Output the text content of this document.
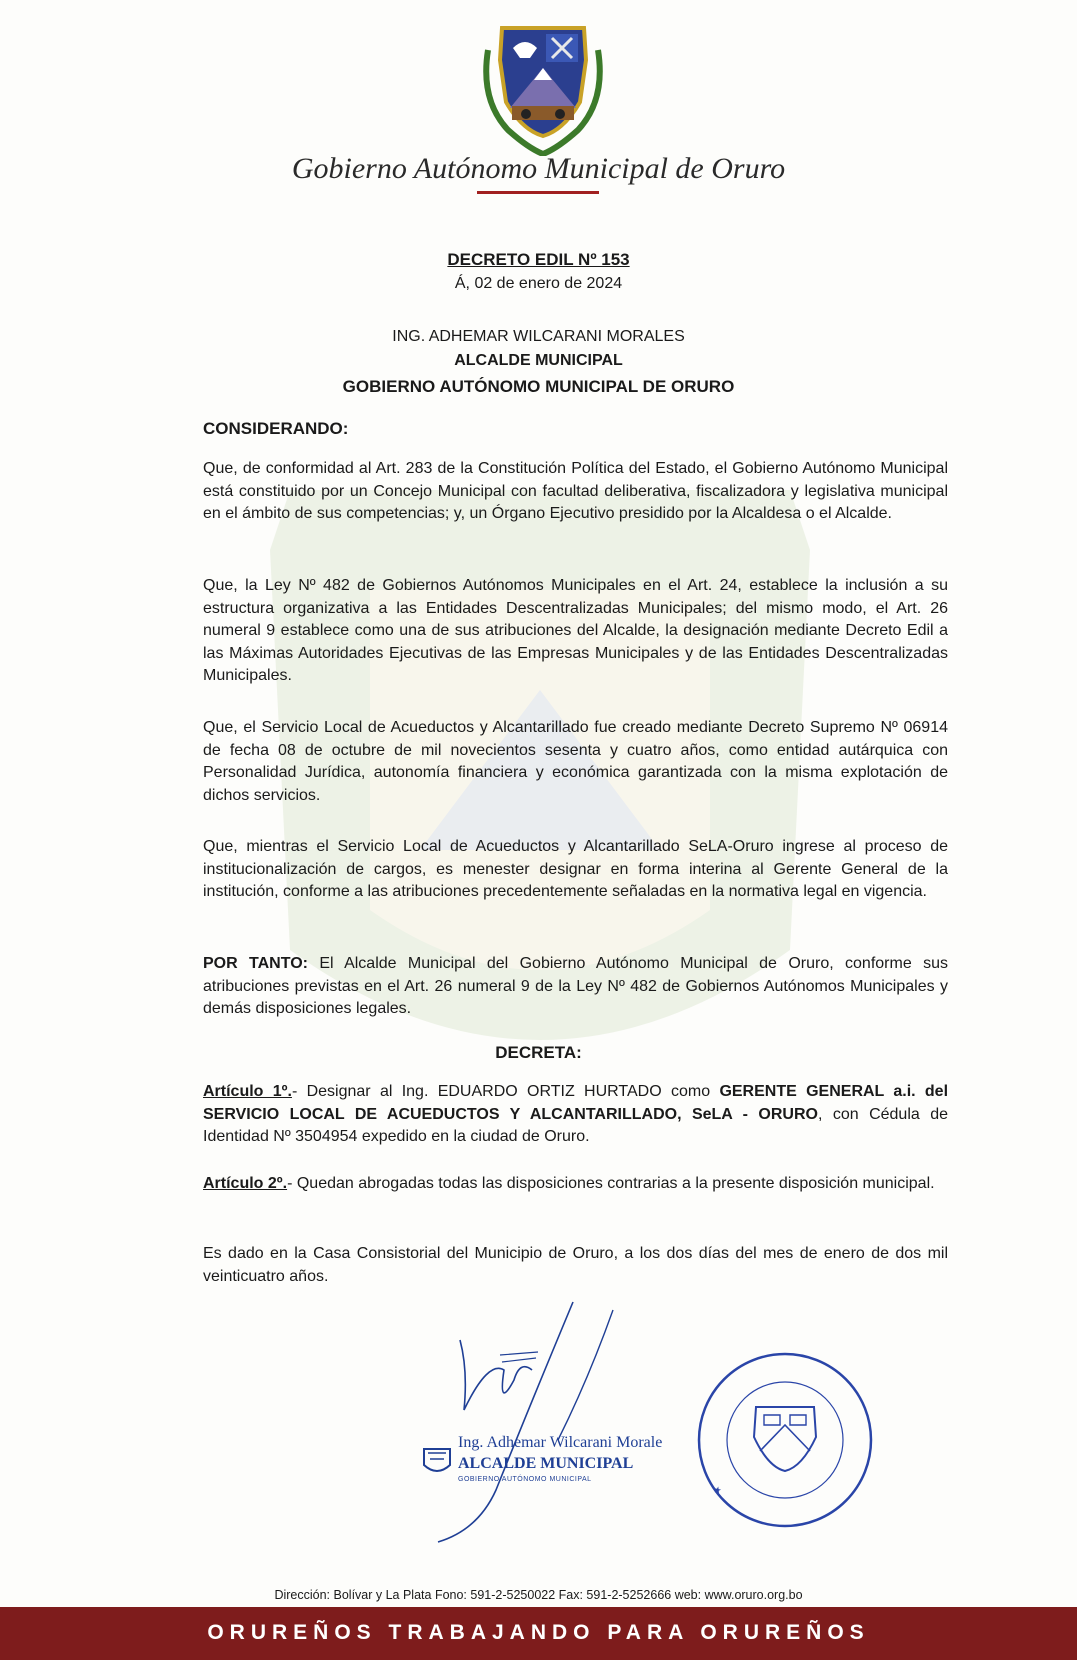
Gobierno Autónomo Municipal de Oruro
DECRETO EDIL Nº 153
Á, 02 de enero de 2024
ING. ADHEMAR WILCARANI MORALES
ALCALDE MUNICIPAL
GOBIERNO AUTÓNOMO MUNICIPAL DE ORURO
CONSIDERANDO:

Que, de conformidad al Art. 283 de la Constitución Política del Estado, el Gobierno Autónomo Municipal está constituido por un Concejo Municipal con facultad deliberativa, fiscalizadora y legislativa municipal en el ámbito de sus competencias; y, un Órgano Ejecutivo presidido por la Alcaldesa o el Alcalde.

Que, la Ley Nº 482 de Gobiernos Autónomos Municipales en el Art. 24, establece la inclusión a su estructura organizativa a las Entidades Descentralizadas Municipales; del mismo modo, el Art. 26 numeral 9 establece como una de sus atribuciones del Alcalde, la designación mediante Decreto Edil a las Máximas Autoridades Ejecutivas de las Empresas Municipales y de las Entidades Descentralizadas Municipales.

Que, el Servicio Local de Acueductos y Alcantarillado fue creado mediante Decreto Supremo Nº 06914 de fecha 08 de octubre de mil novecientos sesenta y cuatro años, como entidad autárquica con Personalidad Jurídica, autonomía financiera y económica garantizada con la misma explotación de dichos servicios.

Que, mientras el Servicio Local de Acueductos y Alcantarillado SeLA-Oruro ingrese al proceso de institucionalización de cargos, es menester designar en forma interina al Gerente General de la institución, conforme a las atribuciones precedentemente señaladas en la normativa legal en vigencia.

POR TANTO: El Alcalde Municipal del Gobierno Autónomo Municipal de Oruro, conforme sus atribuciones previstas en el Art. 26 numeral 9 de la Ley Nº 482 de Gobiernos Autónomos Municipales y demás disposiciones legales.

DECRETA:

Artículo 1º.- Designar al Ing. EDUARDO ORTIZ HURTADO como GERENTE GENERAL a.i. del SERVICIO LOCAL DE ACUEDUCTOS Y ALCANTARILLADO, SeLA - ORURO, con Cédula de Identidad Nº 3504954 expedido en la ciudad de Oruro.

Artículo 2º.- Quedan abrogadas todas las disposiciones contrarias a la presente disposición municipal.

Es dado en la Casa Consistorial del Municipio de Oruro, a los dos días del mes de enero de dos mil veinticuatro años.

Ing. Adhemar Wilcarani Morale
ALCALDE MUNICIPAL
GOBIERNO AUTÓNOMO MUNICIPAL
★
Dirección: Bolívar y La Plata Fono: 591-2-5250022 Fax: 591-2-5252666 web: www.oruro.org.bo
ORUREÑOS TRABAJANDO PARA ORUREÑOS
